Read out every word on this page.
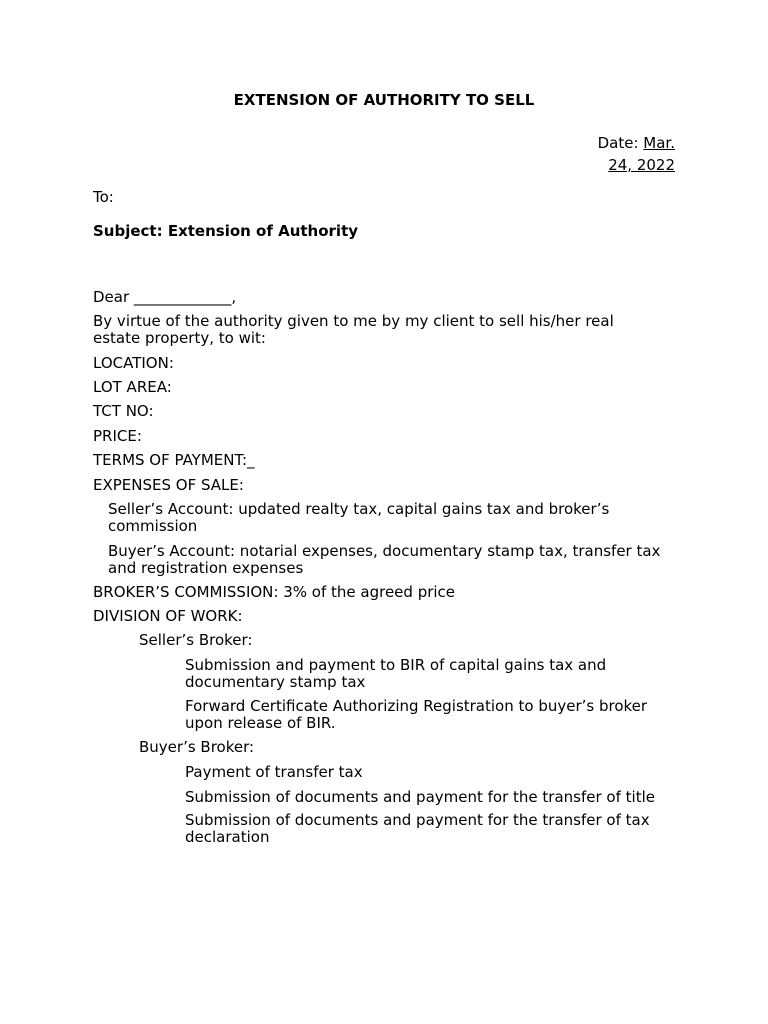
EXTENSION OF AUTHORITY TO SELL

Date: Mar.
24, 2022

To:

Subject: Extension of Authority

Dear _____________,

By virtue of the authority given to me by my client to sell his/her real estate property, to wit:

LOCATION:

LOT AREA:

TCT NO:

PRICE:

TERMS OF PAYMENT:_

EXPENSES OF SALE:

Seller’s Account: updated realty tax, capital gains tax and broker’s commission

Buyer’s Account: notarial expenses, documentary stamp tax, transfer tax and registration expenses

BROKER’S COMMISSION: 3% of the agreed price

DIVISION OF WORK:

Seller’s Broker:

Submission and payment to BIR of capital gains tax and documentary stamp tax

Forward Certificate Authorizing Registration to buyer’s broker upon release of BIR.

Buyer’s Broker:

Payment of transfer tax

Submission of documents and payment for the transfer of title

Submission of documents and payment for the transfer of tax declaration
